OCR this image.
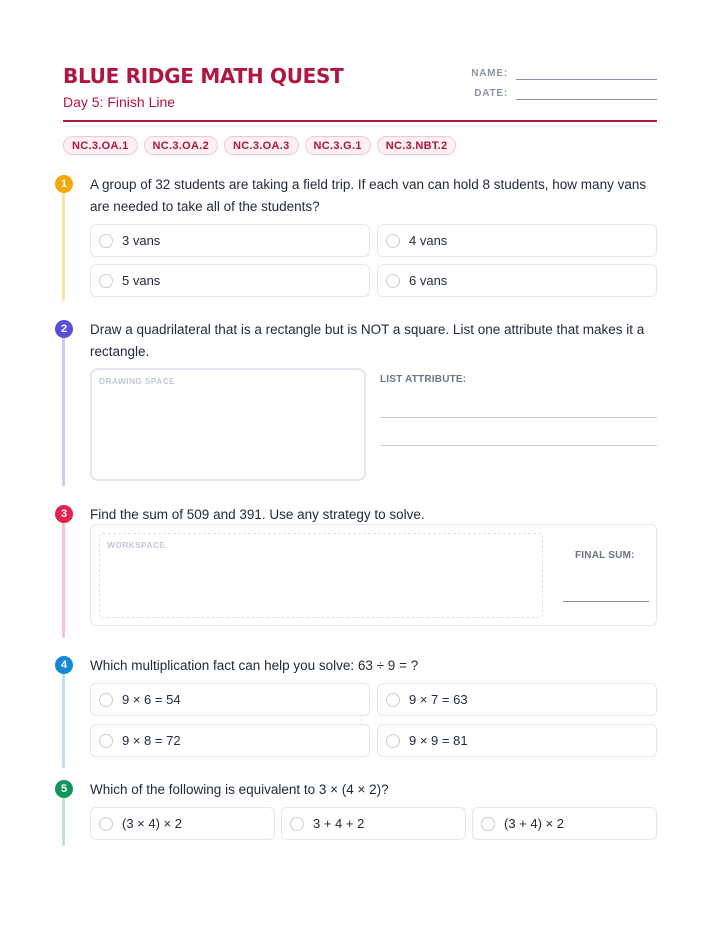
BLUE RIDGE MATH QUEST
Day 5: Finish Line
NAME:
DATE:
NC.3.OA.1	NC.3.OA.2	NC.3.OA.3	NC.3.G.1	NC.3.NBT.2
1	A group of 32 students are taking a field trip. If each van can hold 8 students, how many vans are needed to take all of the students?
3 vans	4 vans
5 vans	6 vans
2	Draw a quadrilateral that is a rectangle but is NOT a square. List one attribute that makes it a rectangle.
DRAWING SPACE	LIST ATTRIBUTE:
3	Find the sum of 509 and 391. Use any strategy to solve.
WORKSPACE
FINAL SUM:
4	Which multiplication fact can help you solve: 63 ÷ 9 = ?
9 × 6 = 54	9 × 7 = 63
9 × 8 = 72	9 × 9 = 81
5	Which of the following is equivalent to 3 × (4 × 2)?
(3 × 4) × 2	3 + 4 + 2	(3 + 4) × 2
